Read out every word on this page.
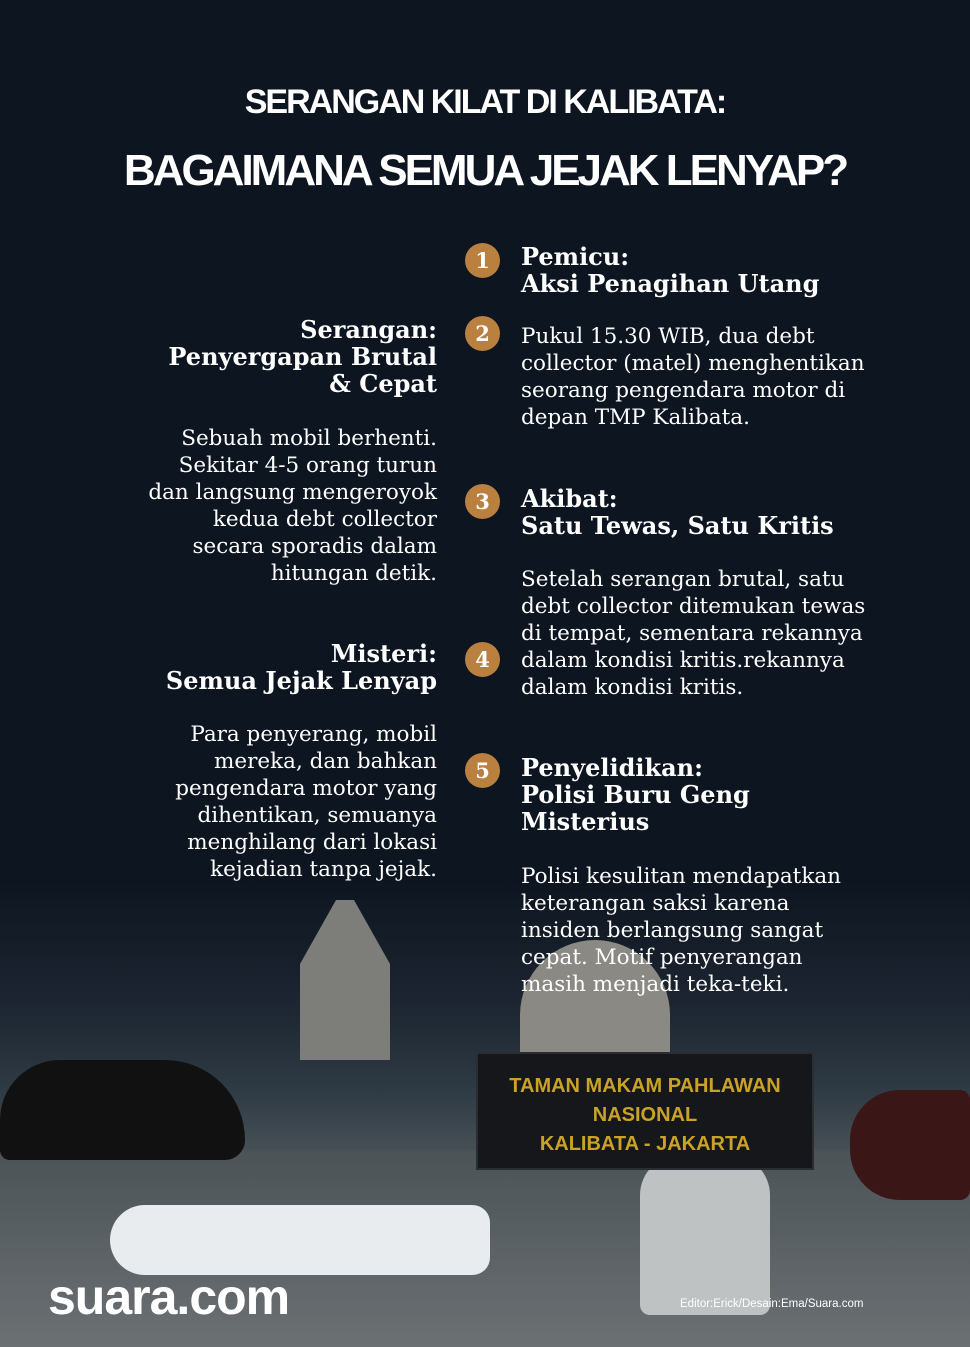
TAMAN MAKAM PAHLAWAN
NASIONAL
KALIBATA - JAKARTA
SERANGAN KILAT DI KALIBATA:
BAGAIMANA SEMUA JEJAK LENYAP?
Serangan:
Penyergapan Brutal
& Cepat
Sebuah mobil berhenti.
Sekitar 4-5 orang turun
dan langsung mengeroyok
kedua debt collector
secara sporadis dalam
hitungan detik.
Misteri:
Semua Jejak Lenyap
Para penyerang, mobil
mereka, dan bahkan
pengendara motor yang
dihentikan, semuanya
menghilang dari lokasi
kejadian tanpa jejak.
1
2
3
4
5
Pemicu:
Aksi Penagihan Utang
Pukul 15.30 WIB, dua debt
collector (matel) menghentikan
seorang pengendara motor di
depan TMP Kalibata.
Akibat:
Satu Tewas, Satu Kritis
Setelah serangan brutal, satu
debt collector ditemukan tewas
di tempat, sementara rekannya
dalam kondisi kritis.rekannya
dalam kondisi kritis.
Penyelidikan:
Polisi Buru Geng
Misterius
Polisi kesulitan mendapatkan
keterangan saksi karena
insiden berlangsung sangat
cepat. Motif penyerangan
masih menjadi teka-teki.
suara.com	Editor:Erick/Desain:Ema/Suara.com
